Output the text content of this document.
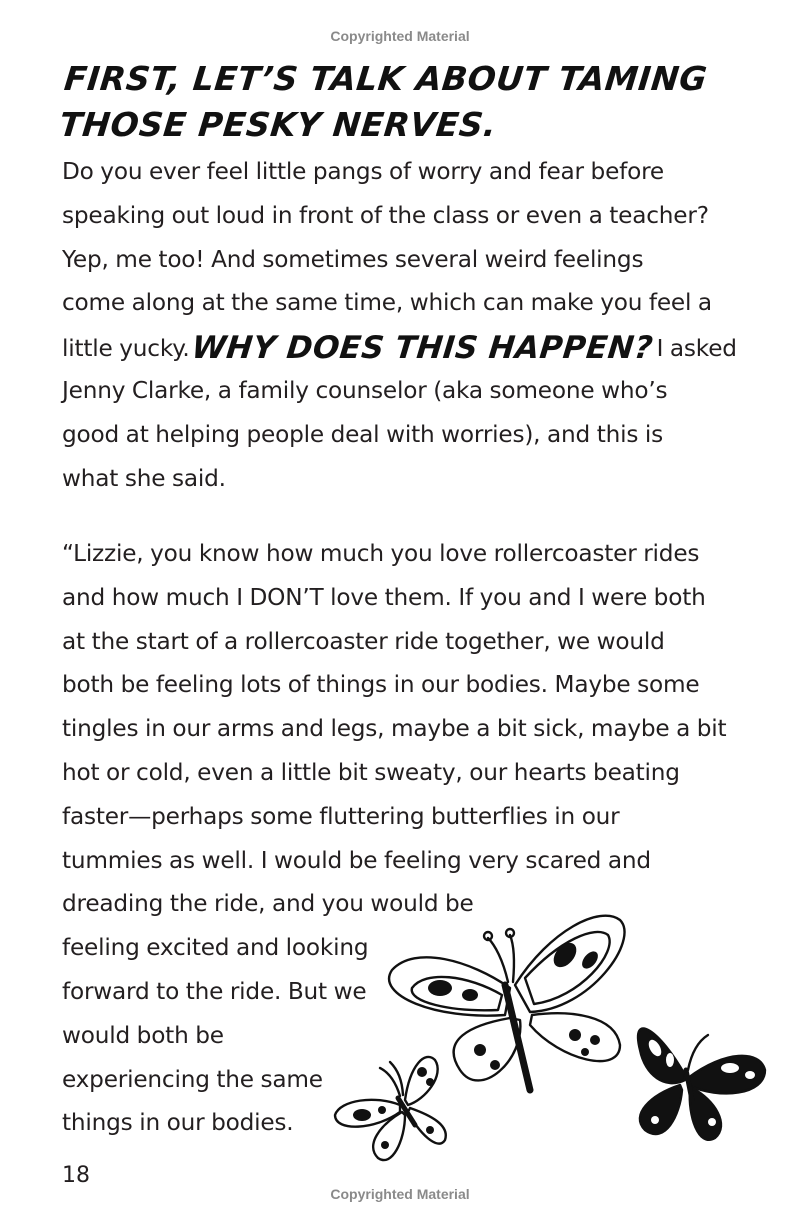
Copyrighted Material
FIRST, LET’S TALK ABOUT TAMING
THOSE PESKY NERVES.
Do you ever feel little pangs of worry and fear before
speaking out loud in front of the class or even a teacher?
Yep, me too! And sometimes several weird feelings
come along at the same time, which can make you feel a
little yucky.WHY DOES THIS HAPPEN?I asked
Jenny Clarke, a family counselor (aka someone who’s
good at helping people deal with worries), and this is
what she said.
“Lizzie, you know how much you love rollercoaster rides
and how much I DON’T love them. If you and I were both
at the start of a rollercoaster ride together, we would
both be feeling lots of things in our bodies. Maybe some
tingles in our arms and legs, maybe a bit sick, maybe a bit
hot or cold, even a little bit sweaty, our hearts beating
faster—perhaps some fluttering butterflies in our
tummies as well. I would be feeling very scared and
dreading the ride, and you would be
feeling excited and looking
forward to the ride. But we
would both be
experiencing the same
things in our bodies.
18
Copyrighted Material
